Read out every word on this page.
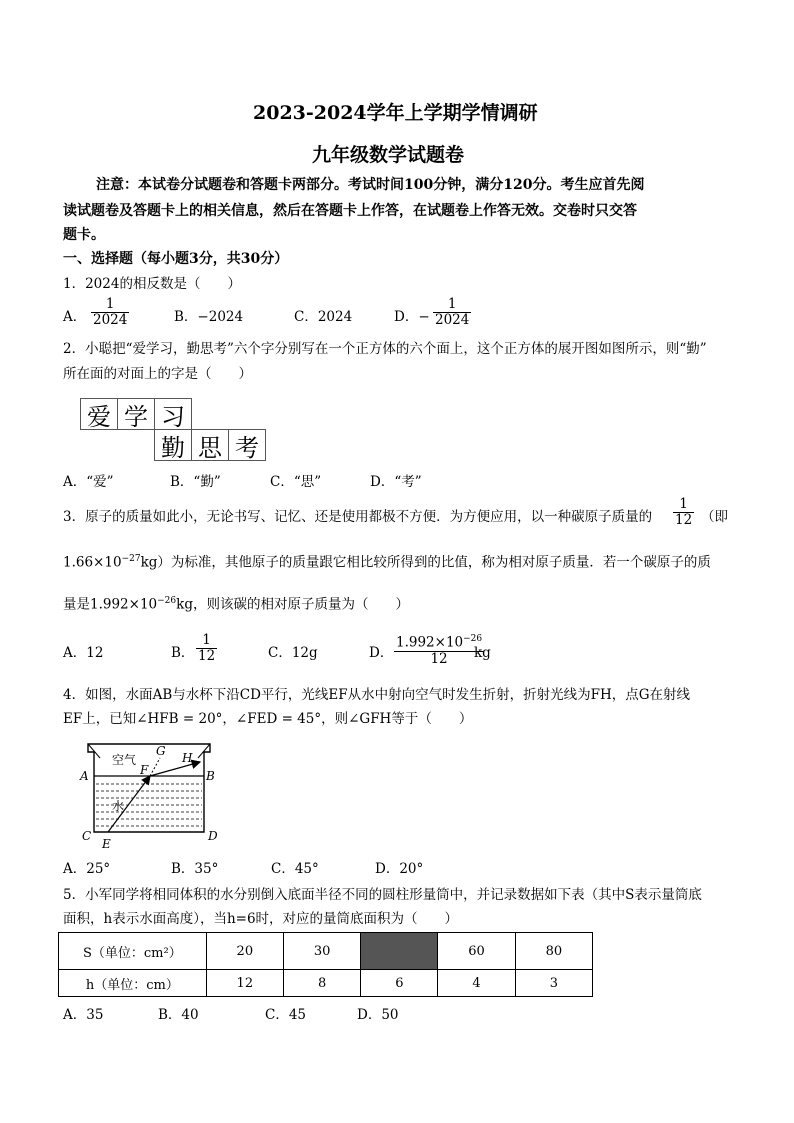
2023-2024学年上学期学情调研
九年级数学试题卷
注意：本试卷分试题卷和答题卡两部分。考试时间100分钟，满分120分。考生应首先阅
读试题卷及答题卡上的相关信息，然后在答题卡上作答，在试题卷上作答无效。交卷时只交答
题卡。
一、选择题（每小题3分，共30分）
1．2024的相反数是（　　）
A． $\frac{1}{2024}$	B．−2024	C．2024	D．− $\frac{1}{2024}$
2．小聪把“爱学习，勤思考”六个字分别写在一个正方体的六个面上，这个正方体的展开图如图所示，则“勤”
所在面的对面上的字是（　　）
爱 学 习
勤 思 考
A．“爱”	B．“勤”	C．“思”	D．“考”
3．原子的质量如此小，无论书写、记忆、还是使用都极不方便．为方便应用，以一种碳原子质量的 $\frac{1}{12}$ （即
$1.66\times 10^{-27}kg$）为标准，其他原子的质量跟它相比较所得到的比值，称为相对原子质量．若一个碳原子的质
量是$1.992\times 10^{-26}kg$，则该碳的相对原子质量为（　　）
A．12	B． $\frac{1}{12}$	C．12g	D． $\frac{1.992\times 10^{-26}}{12}$
kg
4．如图，水面AB与水杯下沿CD平行，光线EF从水中射向空气时发生折射，折射光线为FH，点G在射线
EF上，已知∠HFB = 20°，∠FED = 45°，则∠GFH等于（　　）
空气
水
A	B
C	D
E
F
G H
A．25°	B．35°	C．45°	D．20°
5．小军同学将相同体积的水分别倒入底面半径不同的圆柱形量筒中，并记录数据如下表（其中S表示量筒底
面积，h表示水面高度），当h=6时，对应的量筒底面积为（　　）
S（单位：cm²）	20	30		60	80
h（单位：cm）	12	8	6	4	3
A．35	B．40	C．45	D．50
